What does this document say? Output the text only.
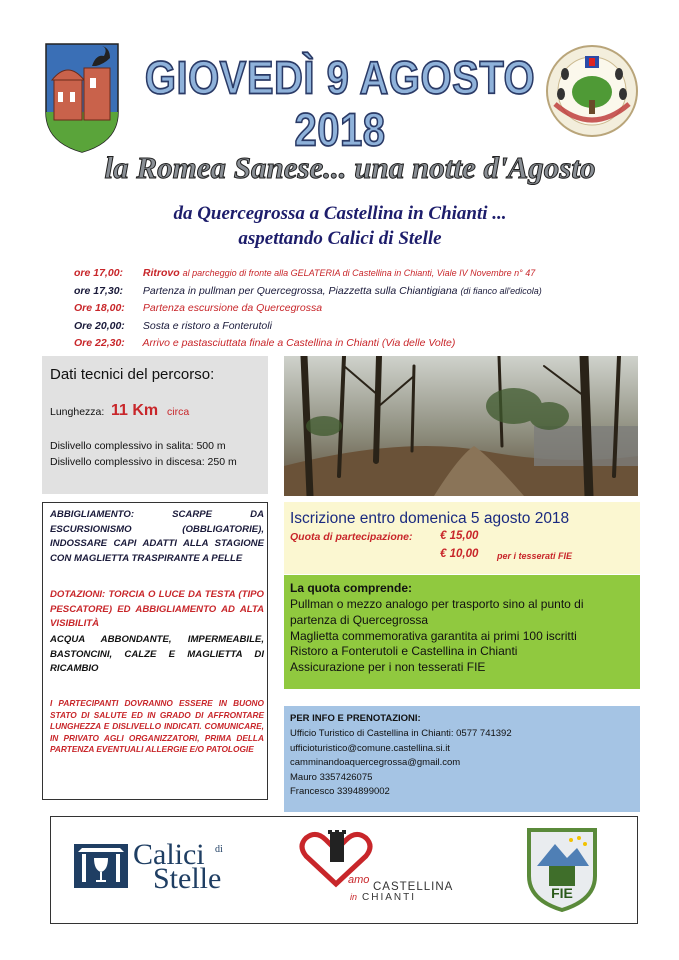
GIOVEDÌ 9 AGOSTO 2018
la Romea Sanese... una notte d'Agosto
da Quercegrossa a Castellina in Chianti ...
aspettando Calici di Stelle
ore 17,00: Ritrovo al parcheggio di fronte alla GELATERIA di Castellina in Chianti, Viale IV Novembre n° 47
ore 17,30: Partenza in pullman per Quercegrossa, Piazzetta sulla Chiantigiana (di fianco all'edicola)
Ore 18,00: Partenza escursione da Quercegrossa
Ore 20,00: Sosta e ristoro a Fonterutoli
Ore 22,30: Arrivo e pastasciuttata finale a Castellina in Chianti (Via delle Volte)
Dati tecnici del percorso:
Lunghezza: 11 Km circa
Dislivello complessivo in salita: 500 m
Dislivello complessivo in discesa: 250 m
ABBIGLIAMENTO: SCARPE DA ESCURSIONISMO (OBBLIGATORIE), INDOSSARE CAPI ADATTI ALLA STAGIONE CON MAGLIETTA TRASPIRANTE A PELLE
DOTAZIONI: TORCIA O LUCE DA TESTA (TIPO PESCATORE) ED ABBIGLIAMENTO AD ALTA VISIBILITÀ
ACQUA ABBONDANTE, IMPERMEABILE, BASTONCINI, CALZE E MAGLIETTA DI RICAMBIO
I PARTECIPANTI DOVRANNO ESSERE IN BUONO STATO DI SALUTE ED IN GRADO DI AFFRONTARE LUNGHEZZA E DISLIVELLO INDICATI. COMUNICARE, IN PRIVATO AGLI ORGANIZZATORI, PRIMA DELLA PARTENZA EVENTUALI ALLERGIE E/O PATOLOGIE
Iscrizione entro domenica 5 agosto 2018
Quota di partecipazione: € 15,00
€ 10,00 per i tesserati FIE
La quota comprende:
Pullman o mezzo analogo per trasporto sino al punto di partenza di Quercegrossa
Maglietta commemorativa garantita ai primi 100 iscritti
Ristoro a Fonterutoli e Castellina in Chianti
Assicurazione per i non tesserati FIE
PER INFO E PRENOTAZIONI:
Ufficio Turistico di Castellina in Chianti: 0577 741392
ufficioturistico@comune.castellina.si.it
camminandoaquercegrossa@gmail.com
Mauro 3357426075
Francesco 3394899002
Calici di
Stelle	amo
CASTELLINA
in CHIANTI	FIE
